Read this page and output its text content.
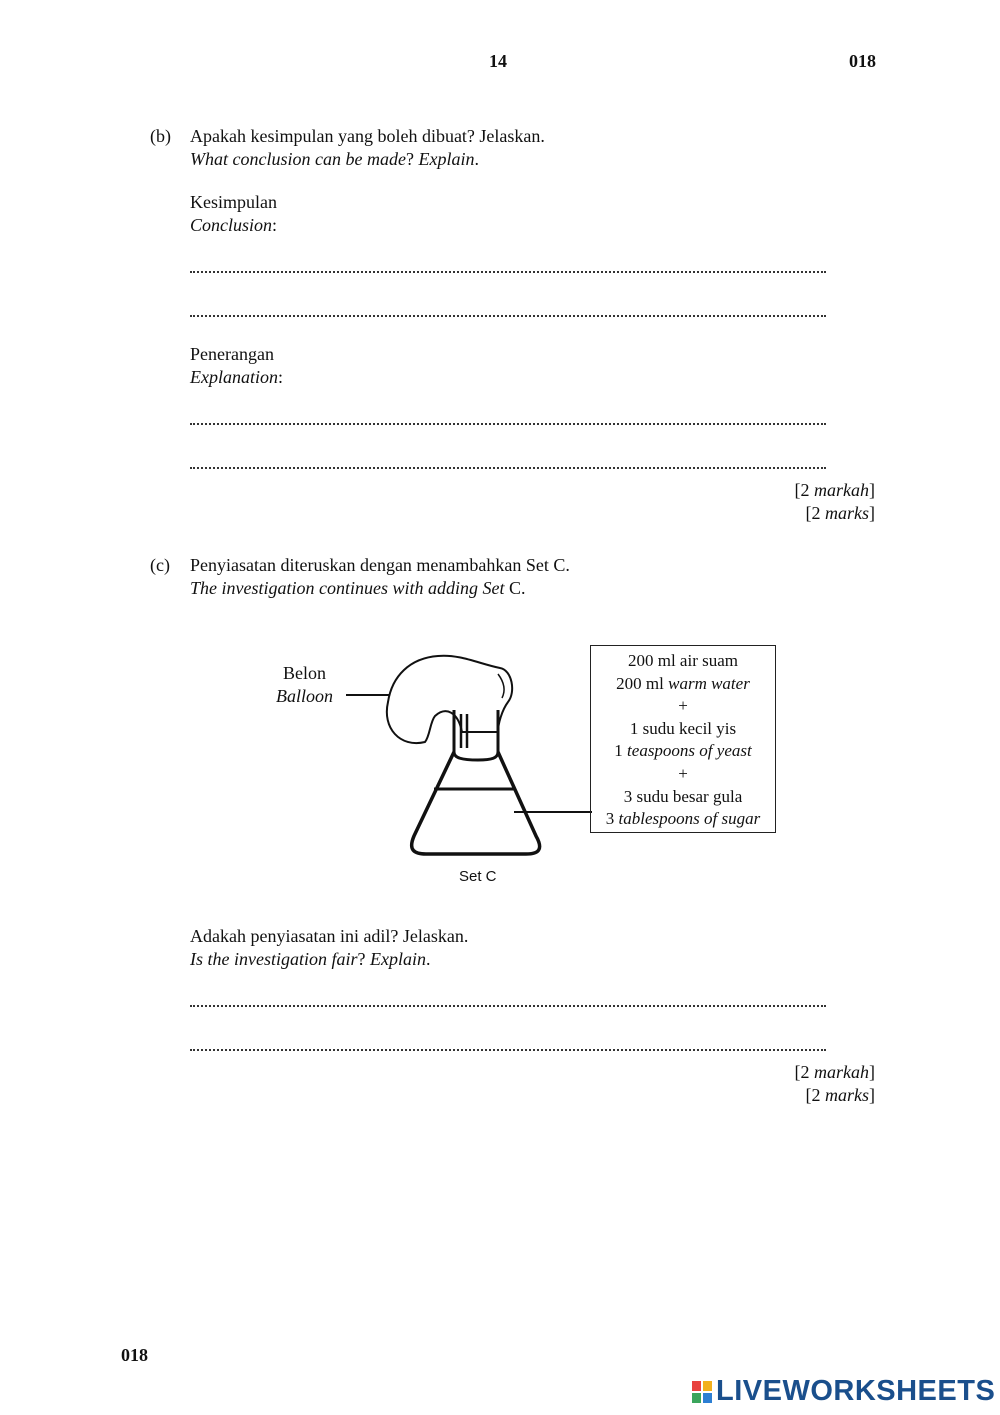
14	018
(b) Apakah kesimpulan yang boleh dibuat? Jelaskan.
What conclusion can be made? Explain.
Kesimpulan
Conclusion:
Penerangan
Explanation:
[2 markah]
[2 marks]
(c) Penyiasatan diteruskan dengan menambahkan Set C.
The investigation continues with adding Set C.
Belon
Balloon
Set C
200 ml air suam
200 ml warm water
+
1 sudu kecil yis
1 teaspoons of yeast
+
3 sudu besar gula
3 tablespoons of sugar
Adakah penyiasatan ini adil? Jelaskan.
Is the investigation fair? Explain.
[2 markah]
[2 marks]
018
LIVEWORKSHEETS
